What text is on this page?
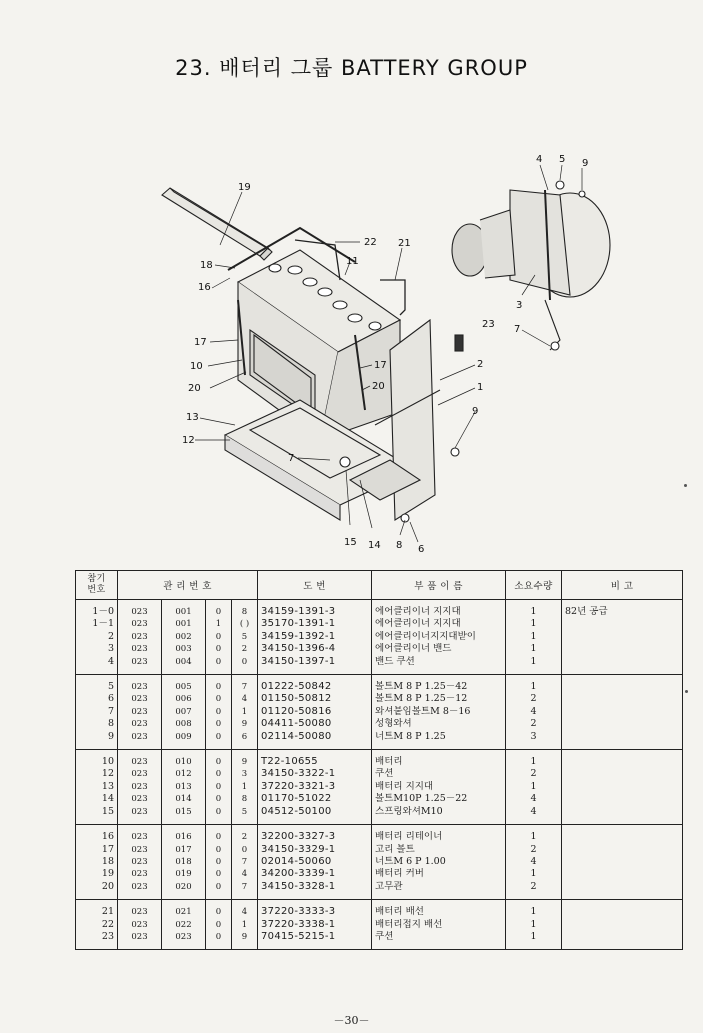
23. 배터리 그룹 BATTERY GROUP
19
22 21
11
18
16
17
10
20
17
20
13
12
7
15 14 8 6
4 5 9
3
7
23
2
1
9
참기
번호	관 리 번 호				도 번	부 품 이 름	소요수량	비 고

1－0	023	001	0	8	34159-1391-3	에어클리이너 지지대	1	82년 공급
1－1	023	001	1	( )	35170-1391-1	에어클리이너 지지대	1	
2	023	002	0	5	34159-1392-1	에어클리이너지지대받이	1	
3	023	003	0	2	34150-1396-4	에어클리이너 밴드	1	
4	023	004	0	0	34150-1397-1	밴드 쿠션	1	

5	023	005	0	7	01222-50842	볼트M 8 P 1.25－42	1	
6	023	006	0	4	01150-50812	볼트M 8 P 1.25－12	2	
7	023	007	0	1	01120-50816	와셔붙임볼트M 8－16	4	
8	023	008	0	9	04411-50080	성형와셔	2	
9	023	009	0	6	02114-50080	너트M 8 P 1.25	3	

10	023	010	0	9	T22-10655	배터리	1	
12	023	012	0	3	34150-3322-1	쿠션	2	
13	023	013	0	1	37220-3321-3	배터리 지지대	1	
14	023	014	0	8	01170-51022	볼트M10P 1.25－22	4	
15	023	015	0	5	04512-50100	스프링와셔M10	4	

16	023	016	0	2	32200-3327-3	배터리 리테이너	1	
17	023	017	0	0	34150-3329-1	고리 볼트	2	
18	023	018	0	7	02014-50060	너트M 6 P 1.00	4	
19	023	019	0	4	34200-3339-1	배터리 커버	1	
20	023	020	0	7	34150-3328-1	고무관	2	

21	023	021	0	4	37220-3333-3	배터리 배선	1	
22	023	022	0	1	37220-3338-1	배터리접지 배선	1	
23	023	023	0	9	70415-5215-1	쿠션	1	

－30－
